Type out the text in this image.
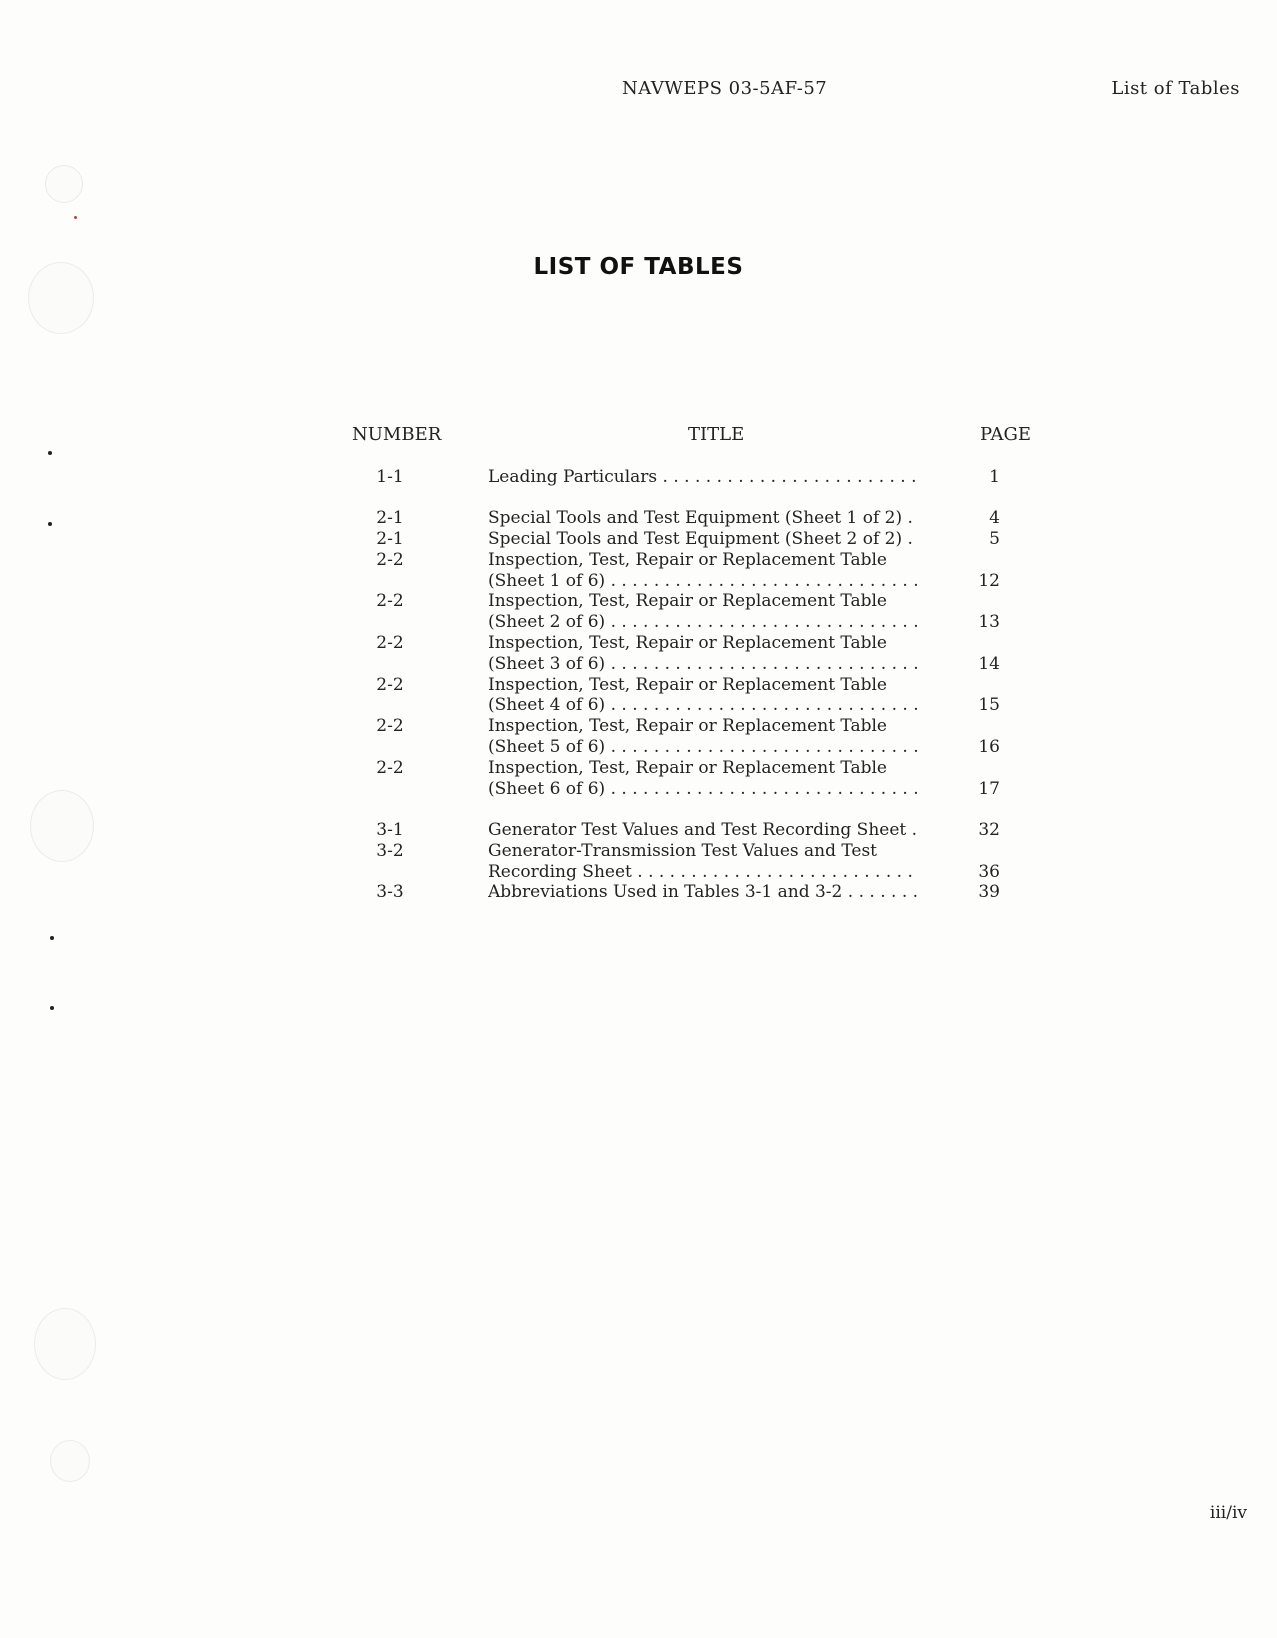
NAVWEPS 03-5AF-57	List of Tables
LIST OF TABLES
NUMBER	TITLE	PAGE
1-1	Leading Particulars . . .	1
2-1	Special Tools and Test Equipment (Sheet 1 of 2) . . .	4
2-1	Special Tools and Test Equipment (Sheet 2 of 2) . . .	5
2-2	Inspection, Test, Repair or Replacement Table
(Sheet 1 of 6) . . .	12
2-2	Inspection, Test, Repair or Replacement Table
(Sheet 2 of 6) . . .	13
2-2	Inspection, Test, Repair or Replacement Table
(Sheet 3 of 6) . . .	14
2-2	Inspection, Test, Repair or Replacement Table
(Sheet 4 of 6) . . .	15
2-2	Inspection, Test, Repair or Replacement Table
(Sheet 5 of 6) . . .	16
2-2	Inspection, Test, Repair or Replacement Table
(Sheet 6 of 6) . . .	17
3-1	Generator Test Values and Test Recording Sheet . . .	32
3-2	Generator-Transmission Test Values and Test
Recording Sheet . . .	36
3-3	Abbreviations Used in Tables 3-1 and 3-2 . . .	39
iii/iv
